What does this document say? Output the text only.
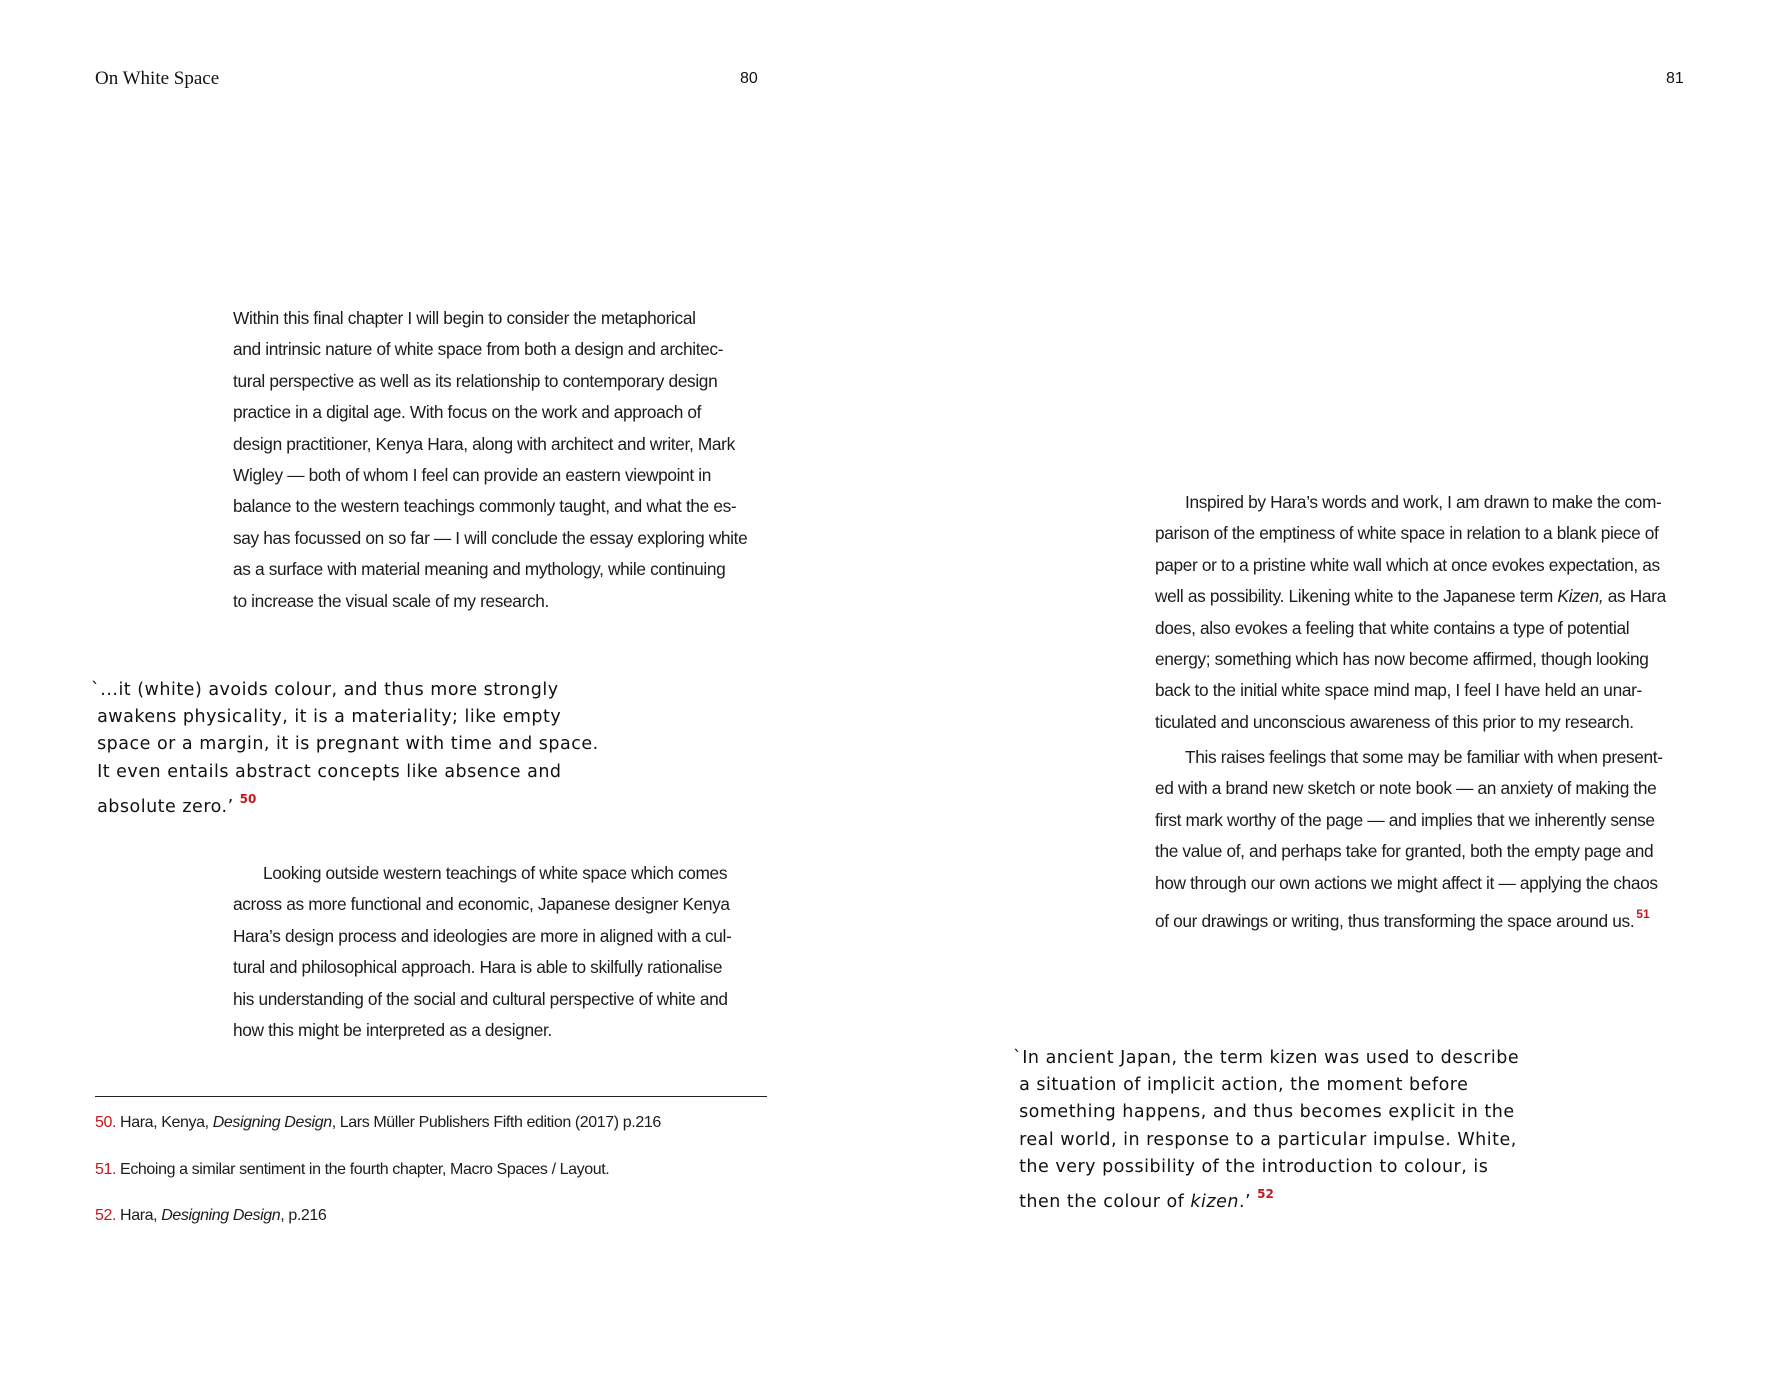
On White Space	80	81
Within this final chapter I will begin to consider the metaphorical
and intrinsic nature of white space from both a design and architec-
tural perspective as well as its relationship to contemporary design
practice in a digital age. With focus on the work and approach of
design practitioner, Kenya Hara, along with architect and writer, Mark
Wigley — both of whom I feel can provide an eastern viewpoint in
balance to the western teachings commonly taught, and what the es-
say has focussed on so far — I will conclude the essay exploring white
as a surface with material meaning and mythology, while continuing
to increase the visual scale of my research.
`...it (white) avoids colour, and thus more strongly
awakens physicality, it is a materiality; like empty
space or a margin, it is pregnant with time and space.
It even entails abstract concepts like absence and
absolute zero.’ $^{50}$
Looking outside western teachings of white space which comes
across as more functional and economic, Japanese designer Kenya
Hara’s design process and ideologies are more in aligned with a cul-
tural and philosophical approach. Hara is able to skilfully rationalise
his understanding of the social and cultural perspective of white and
how this might be interpreted as a designer.
50. Hara, Kenya, Designing Design, Lars Müller Publishers Fifth edition (2017) p.216
51. Echoing a similar sentiment in the fourth chapter, Macro Spaces / Layout.
52. Hara, Designing Design, p.216
Inspired by Hara’s words and work, I am drawn to make the com-
parison of the emptiness of white space in relation to a blank piece of
paper or to a pristine white wall which at once evokes expectation, as
well as possibility. Likening white to the Japanese term Kizen, as Hara
does, also evokes a feeling that white contains a type of potential
energy; something which has now become affirmed, though looking
back to the initial white space mind map, I feel I have held an unar-
ticulated and unconscious awareness of this prior to my research.
This raises feelings that some may be familiar with when present-
ed with a brand new sketch or note book — an anxiety of making the
first mark worthy of the page — and implies that we inherently sense
the value of, and perhaps take for granted, both the empty page and
how through our own actions we might affect it — applying the chaos
of our drawings or writing, thus transforming the space around us. $^{51}$
`In ancient Japan, the term kizen was used to describe
a situation of implicit action, the moment before
something happens, and thus becomes explicit in the
real world, in response to a particular impulse. White,
the very possibility of the introduction to colour, is
then the colour of kizen.’ $^{52}$
